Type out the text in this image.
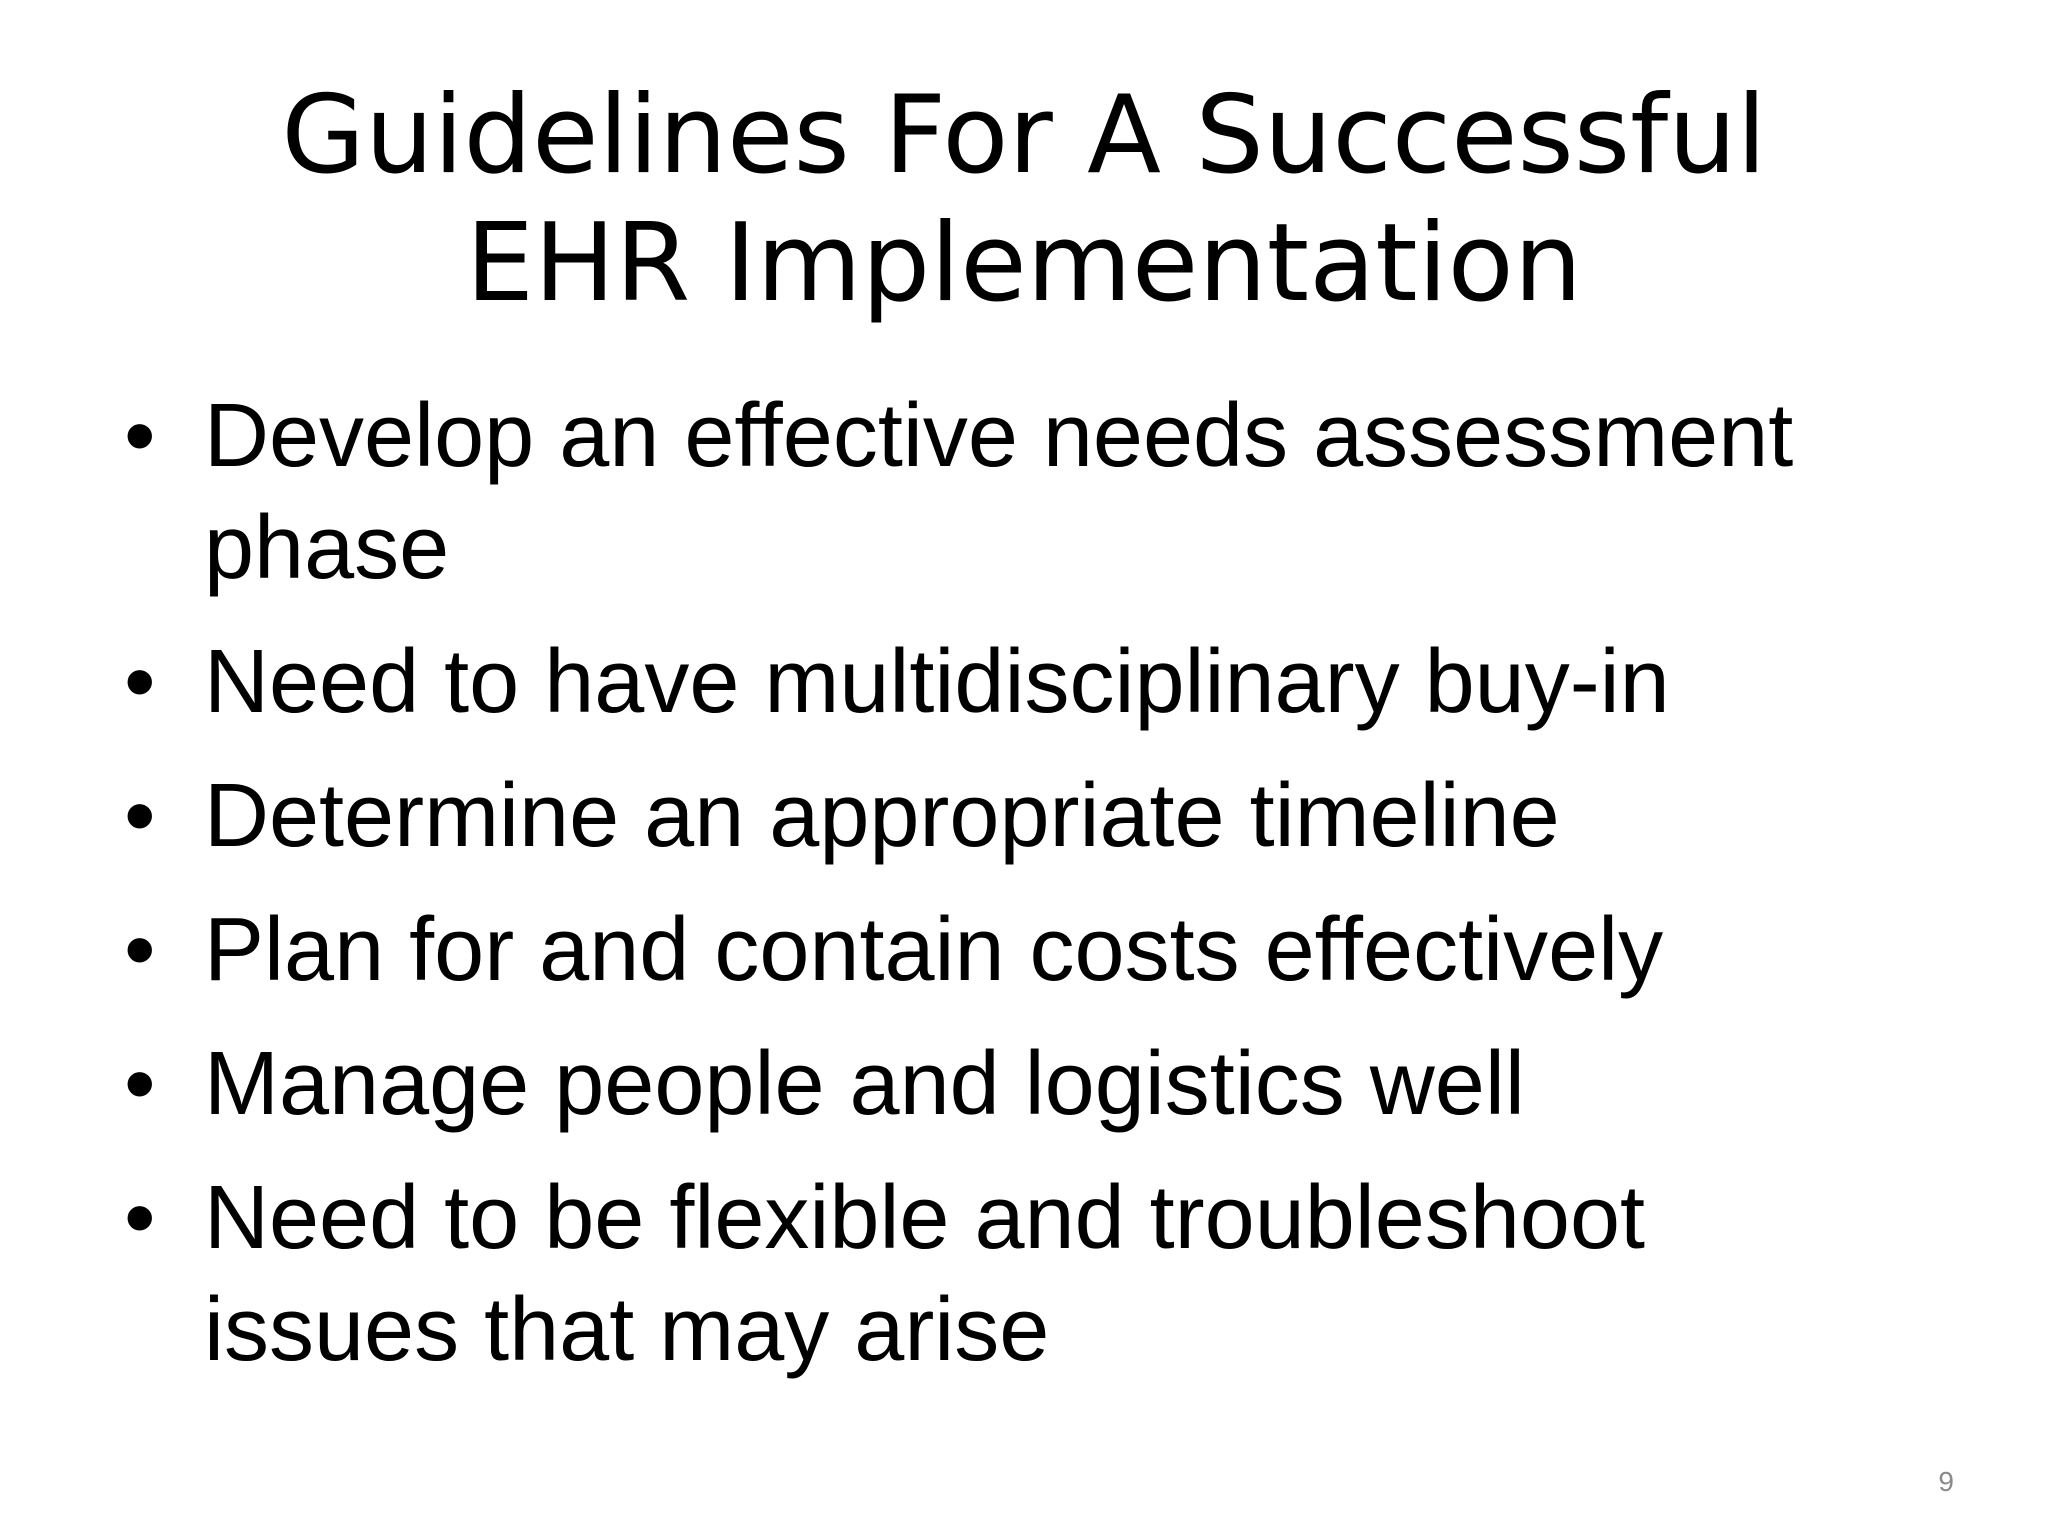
Guidelines For A Successful
EHR Implementation
• Develop an effective needs assessment phase
• Need to have multidisciplinary buy-in
• Determine an appropriate timeline
• Plan for and contain costs effectively
• Manage people and logistics well
• Need to be flexible and troubleshoot issues that may arise
9
